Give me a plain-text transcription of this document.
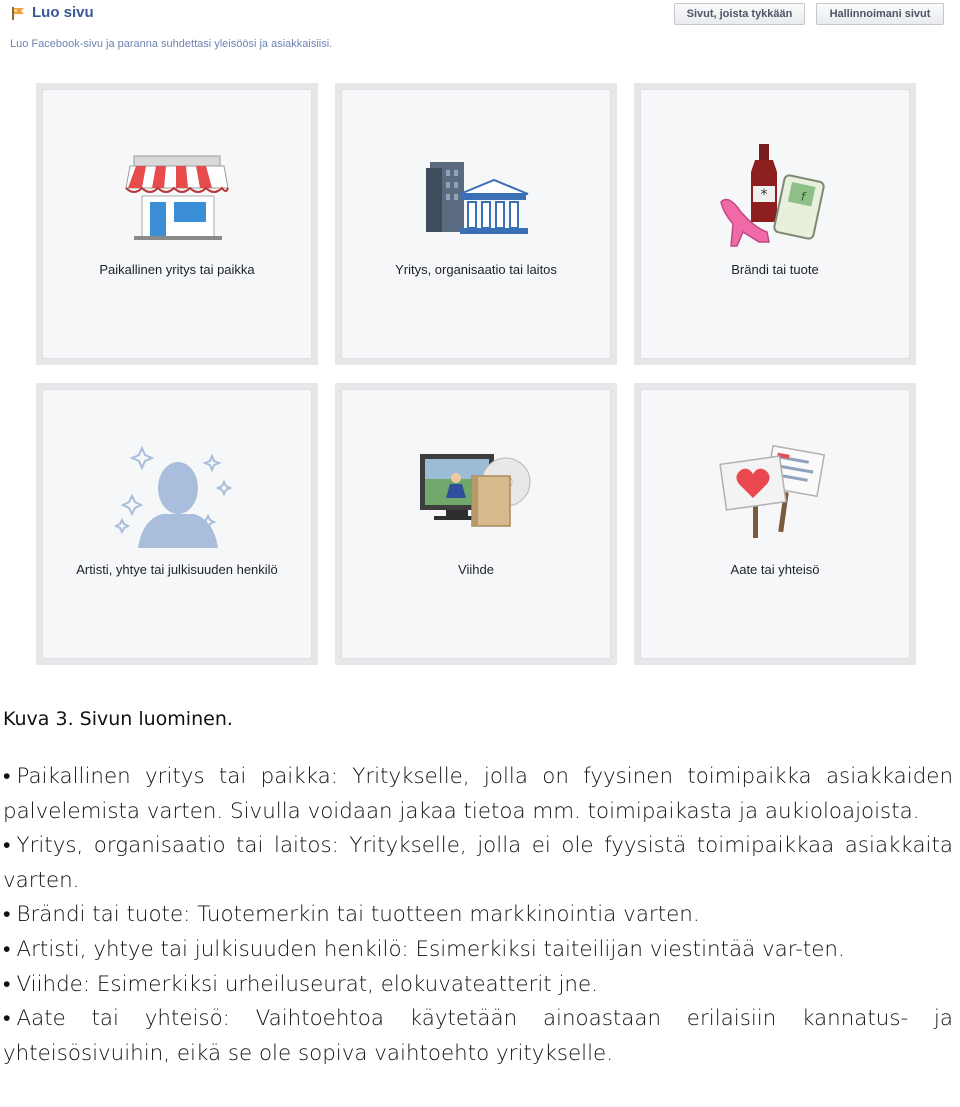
Luo sivu
Luo Facebook-sivu ja paranna suhdettasi yleisöösi ja asiakkaisiisi.
Sivut, joista tykkään	Hallinnoimani sivut
Paikallinen yritys tai paikka	Yritys, organisaatio tai laitos
*	f
Brändi tai tuote
Artisti, yhtye tai julkisuuden henkilö	Viihde	Aate tai yhteisö
Kuva 3. Sivun luominen.

• Paikallinen yritys tai paikka: Yritykselle, jolla on fyysinen toimipaikka asiakkaiden palvelemista varten. Sivulla voidaan jakaa tietoa mm. toimipaikasta ja aukioloajoista.

• Yritys, organisaatio tai laitos: Yritykselle, jolla ei ole fyysistä toimipaikkaa asiakkaita varten.

• Brändi tai tuote: Tuotemerkin tai tuotteen markkinointia varten.

• Artisti, yhtye tai julkisuuden henkilö: Esimerkiksi taiteilijan viestintää var-ten.

• Viihde: Esimerkiksi urheiluseurat, elokuvateatterit jne.

• Aate tai yhteisö: Vaihtoehtoa käytetään ainoastaan erilaisiin kannatus- ja yhteisösivuihin, eikä se ole sopiva vaihtoehto yritykselle.
